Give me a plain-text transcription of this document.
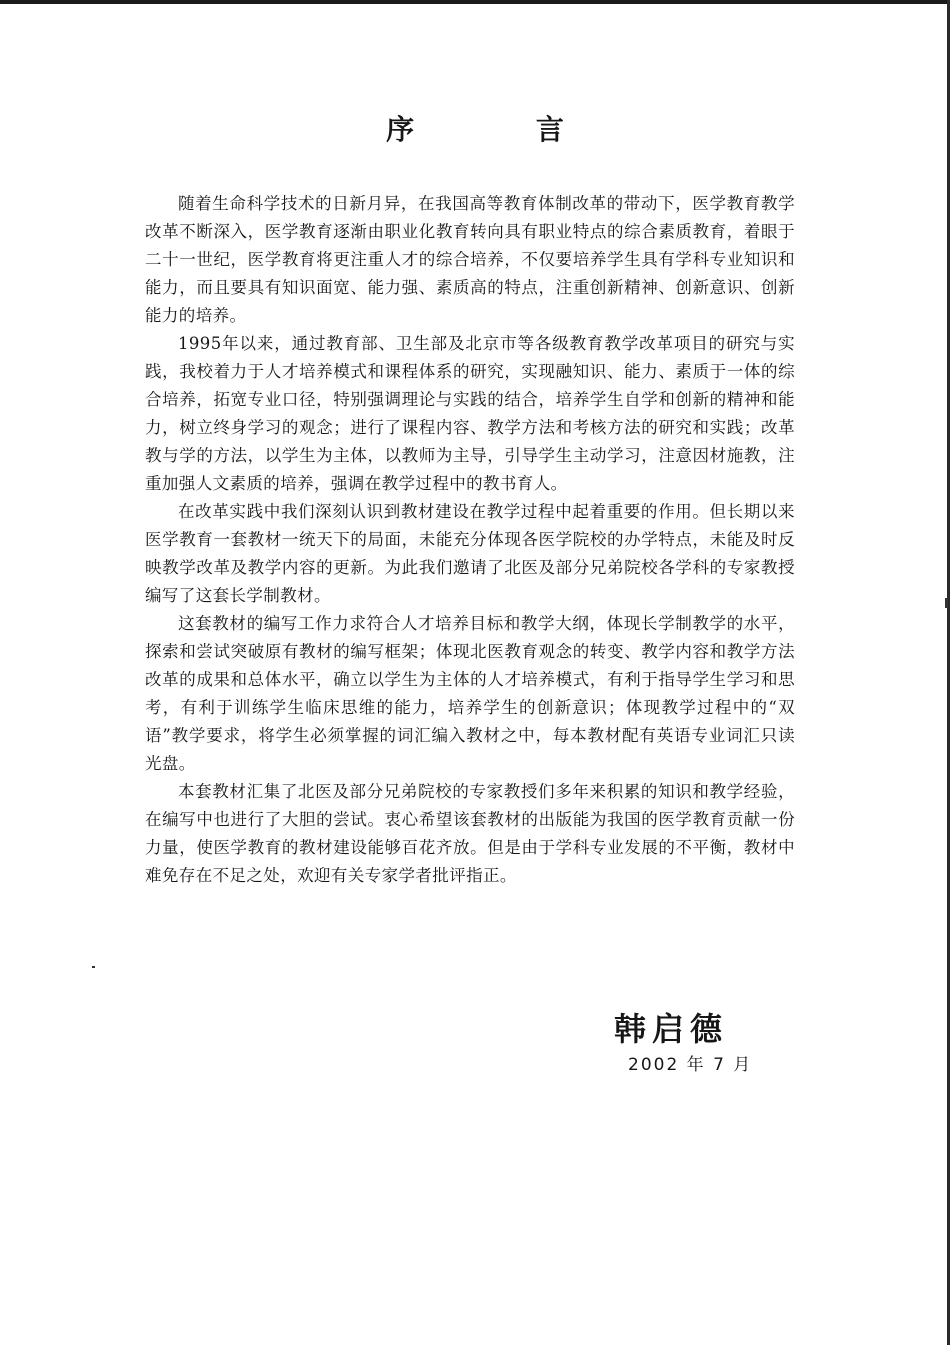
序 言

随着生命科学技术的日新月异，在我国高等教育体制改革的带动下，医学教育教学改革不断深入，医学教育逐渐由职业化教育转向具有职业特点的综合素质教育，着眼于二十一世纪，医学教育将更注重人才的综合培养，不仅要培养学生具有学科专业知识和能力，而且要具有知识面宽、能力强、素质高的特点，注重创新精神、创新意识、创新能力的培养。

1995年以来，通过教育部、卫生部及北京市等各级教育教学改革项目的研究与实践，我校着力于人才培养模式和课程体系的研究，实现融知识、能力、素质于一体的综合培养，拓宽专业口径，特别强调理论与实践的结合，培养学生自学和创新的精神和能力，树立终身学习的观念；进行了课程内容、教学方法和考核方法的研究和实践；改革教与学的方法，以学生为主体，以教师为主导，引导学生主动学习，注意因材施教，注重加强人文素质的培养，强调在教学过程中的教书育人。

在改革实践中我们深刻认识到教材建设在教学过程中起着重要的作用。但长期以来医学教育一套教材一统天下的局面，未能充分体现各医学院校的办学特点，未能及时反映教学改革及教学内容的更新。为此我们邀请了北医及部分兄弟院校各学科的专家教授编写了这套长学制教材。

这套教材的编写工作力求符合人才培养目标和教学大纲，体现长学制教学的水平，探索和尝试突破原有教材的编写框架；体现北医教育观念的转变、教学内容和教学方法改革的成果和总体水平，确立以学生为主体的人才培养模式，有利于指导学生学习和思考，有利于训练学生临床思维的能力，培养学生的创新意识；体现教学过程中的“双语”教学要求，将学生必须掌握的词汇编入教材之中，每本教材配有英语专业词汇只读光盘。

本套教材汇集了北医及部分兄弟院校的专家教授们多年来积累的知识和教学经验，在编写中也进行了大胆的尝试。衷心希望该套教材的出版能为我国的医学教育贡献一份力量，使医学教育的教材建设能够百花齐放。但是由于学科专业发展的不平衡，教材中难免存在不足之处，欢迎有关专家学者批评指正。

韩启德
2002 年 7 月
